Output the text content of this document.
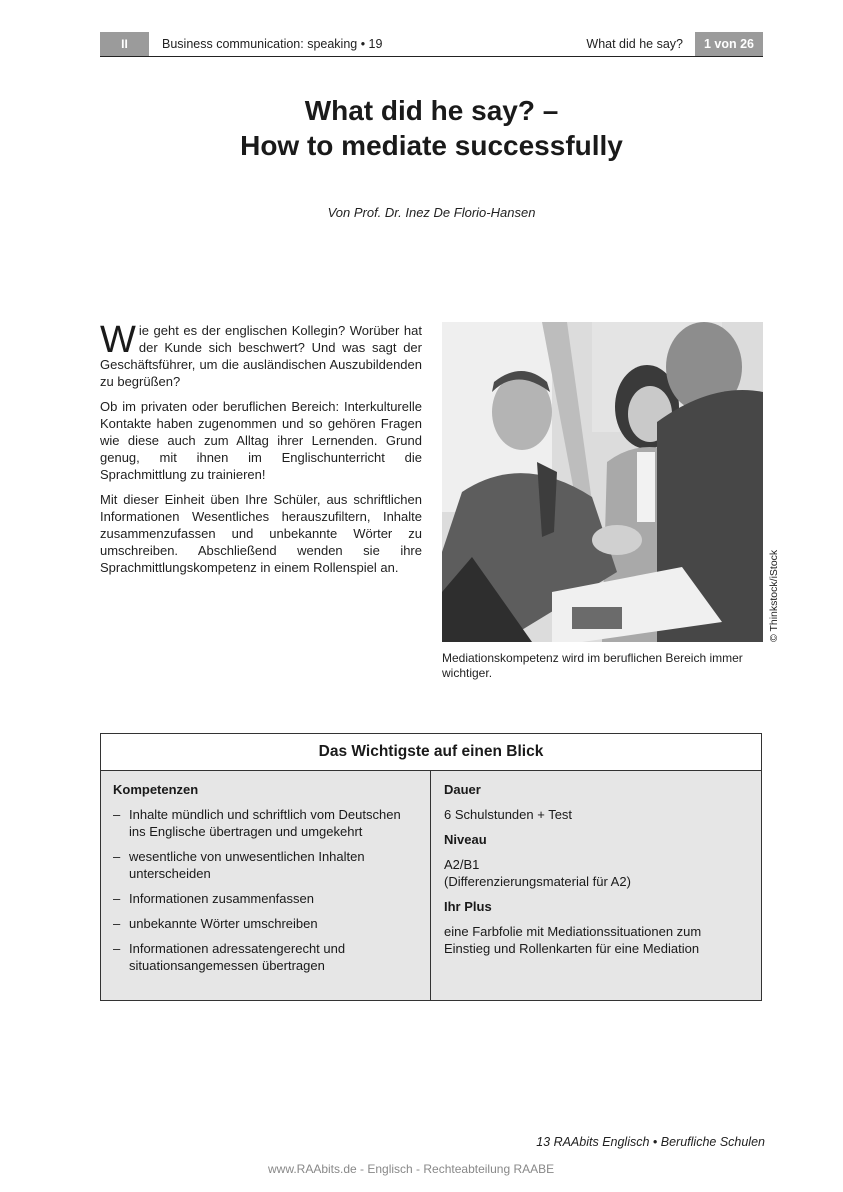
II	Business communication: speaking • 19	What did he say?	1 von 26
What did he say? –
How to mediate successfully
Von Prof. Dr. Inez De Florio-Hansen

Wie geht es der englischen Kollegin? Worüber hat der Kunde sich beschwert? Und was sagt der Geschäftsführer, um die ausländischen Auszubildenden zu begrüßen?

Ob im privaten oder beruflichen Bereich: Interkulturelle Kontakte haben zugenommen und so gehören Fragen wie diese auch zum Alltag ihrer Lernenden. Grund genug, mit ihnen im Englischunterricht die Sprachmittlung zu trainieren!

Mit dieser Einheit üben Ihre Schüler, aus schriftlichen Informationen Wesentliches herauszufiltern, Inhalte zusammenzufassen und unbekannte Wörter zu umschreiben. Abschließend wenden sie ihre Sprachmittlungskompetenz in einem Rollenspiel an.	© Thinkstock/iStock
Mediationskompetenz wird im beruflichen Bereich immer wichtiger.
Das Wichtigste auf einen Blick
Kompetenzen
– Inhalte mündlich und schriftlich vom Deutschen ins Englische übertragen und umgekehrt
– wesentliche von unwesentlichen Inhalten unterscheiden
– Informationen zusammenfassen
– unbekannte Wörter umschreiben
– Informationen adressatengerecht und situationsangemessen übertragen
Dauer
6 Schulstunden + Test
Niveau
A2/B1
(Differenzierungsmaterial für A2)
Ihr Plus
eine Farbfolie mit Mediationssituationen zum Einstieg und Rollenkarten für eine Mediation
13 RAAbits Englisch • Berufliche Schulen
www.RAAbits.de - Englisch - Rechteabteilung RAABE
